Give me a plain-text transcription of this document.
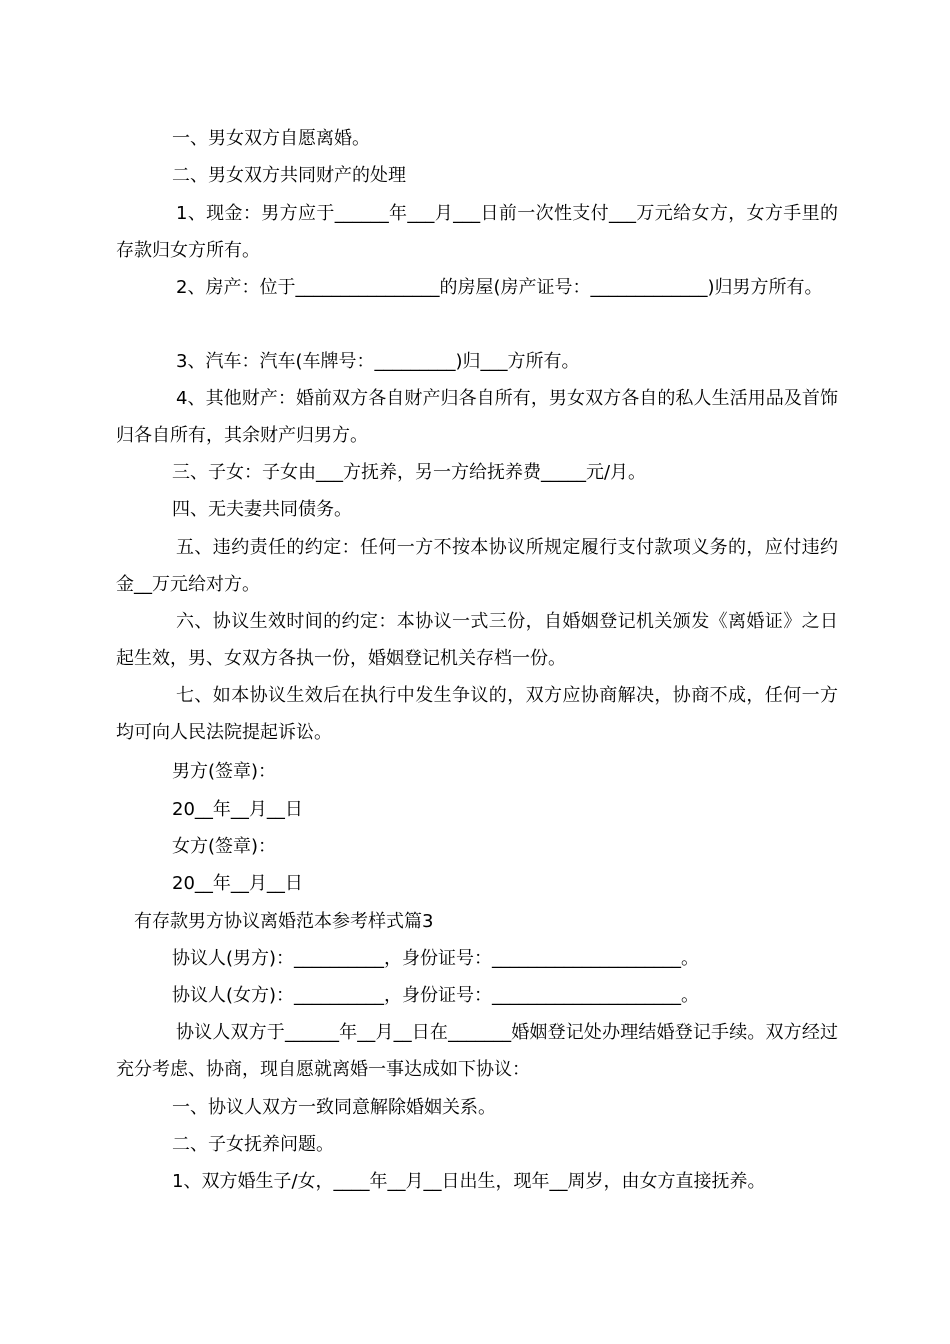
一、男女双方自愿离婚。

二、男女双方共同财产的处理

1、现金：男方应于______年___月___日前一次性支付___万元给女方，女方手里的存款归女方所有。

2、房产：位于________________的房屋(房产证号：_____________)归男方所有。

3、汽车：汽车(车牌号：_________)归___方所有。

4、其他财产：婚前双方各自财产归各自所有，男女双方各自的私人生活用品及首饰归各自所有，其余财产归男方。

三、子女：子女由___方抚养，另一方给抚养费_____元/月。

四、无夫妻共同债务。

五、违约责任的约定：任何一方不按本协议所规定履行支付款项义务的，应付违约金__万元给对方。

六、协议生效时间的约定：本协议一式三份，自婚姻登记机关颁发《离婚证》之日起生效，男、女双方各执一份，婚姻登记机关存档一份。

七、如本协议生效后在执行中发生争议的，双方应协商解决，协商不成，任何一方均可向人民法院提起诉讼。

男方(签章)：

20__年__月__日

女方(签章)：

20__年__月__日

有存款男方协议离婚范本参考样式篇3

协议人(男方)：__________，身份证号：_____________________。

协议人(女方)：__________，身份证号：_____________________。

协议人双方于______年__月__日在_______婚姻登记处办理结婚登记手续。双方经过充分考虑、协商，现自愿就离婚一事达成如下协议：

一、协议人双方一致同意解除婚姻关系。

二、子女抚养问题。

1、双方婚生子/女，____年__月__日出生，现年__周岁，由女方直接抚养。
